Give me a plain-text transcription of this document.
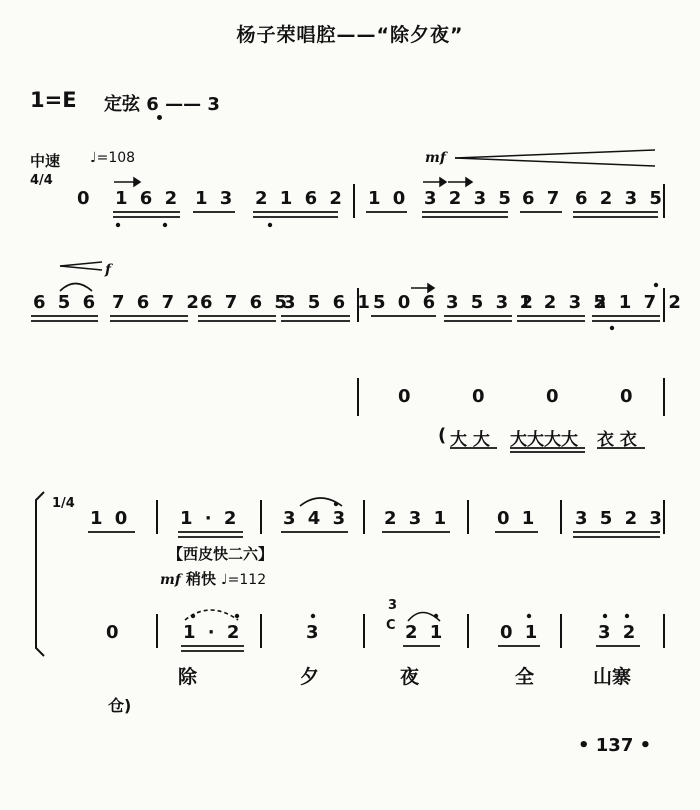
杨子荣唱腔——“除夕夜”
1=E 定弦 6 —— 3
中速 ♩=108	mf
4/4
0 1 6 2 1 3 2 1 6 2 1 0 3 2 3 5 6 7 6 2 3 5
f
6 5 6 7 6 7 2
6 7 6 5
3 5 6 1 5 0 6 3 5 3 2
1 2 3 5
2 1 7 2
0	0	0	0
( 大 大 大大大大 衣 衣
1/4
1 0	1 · 2 3 4 3 2 3 1	0 1 3 5 2 3
【西皮快二六】
mf 稍快 ♩=112
3
C
0	1 · 2	3	2 1	0 1	3 2
除	夕	夜	全	山寨
仓)
• 137 •
